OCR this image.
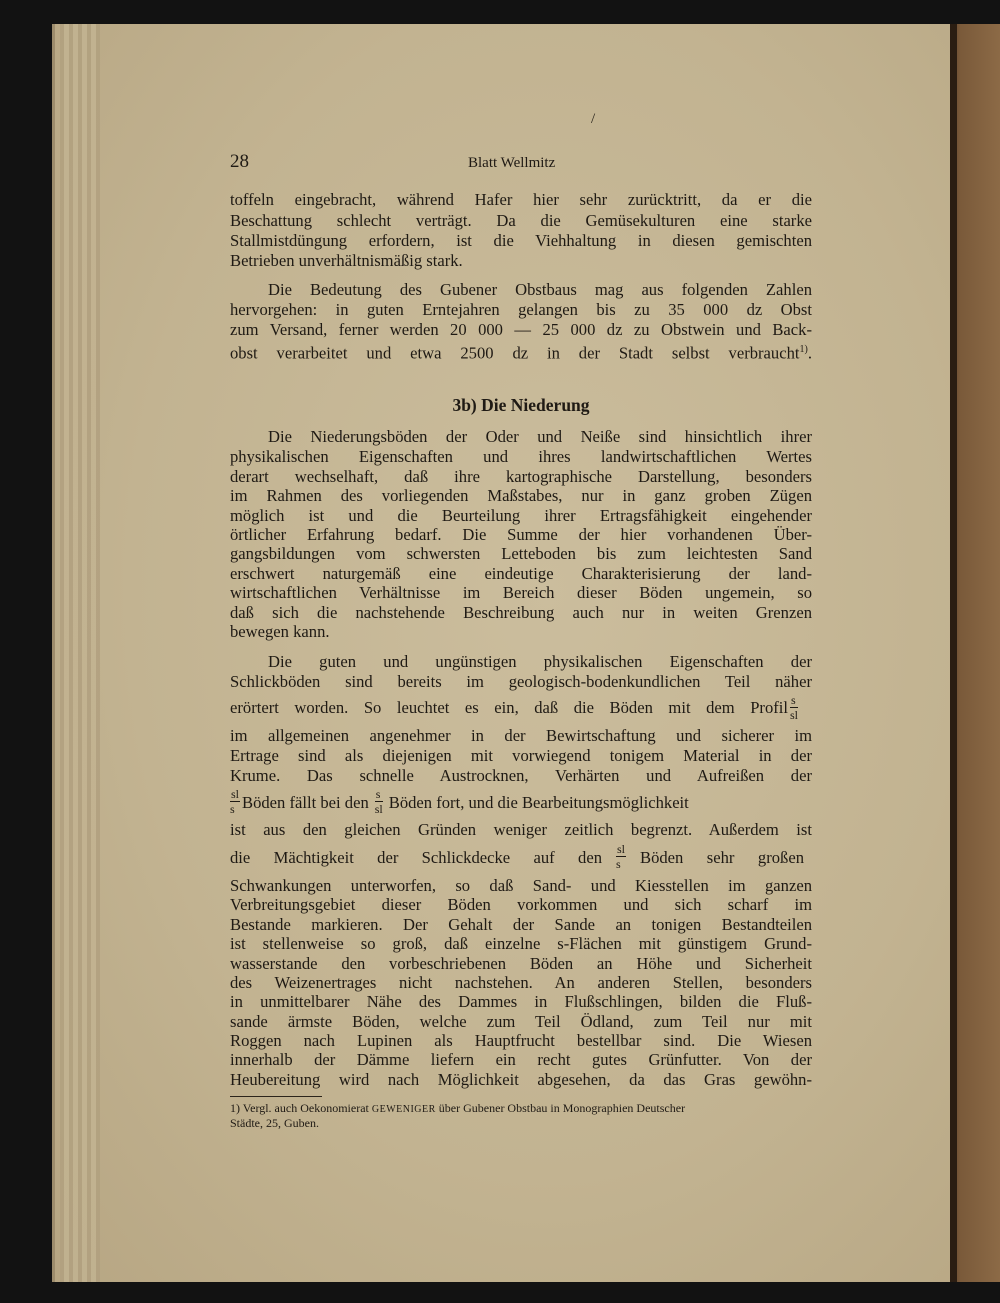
/
28	Blatt Wellmitz
toffeln eingebracht, während Hafer hier sehr zurücktritt, da er die
Beschattung schlecht verträgt. Da die Gemüsekulturen eine starke
Stallmistdüngung erfordern, ist die Viehhaltung in diesen gemischten
Betrieben unverhältnismäßig stark.
Die Bedeutung des Gubener Obstbaus mag aus folgenden Zahlen
hervorgehen: in guten Erntejahren gelangen bis zu 35 000 dz Obst
zum Versand, ferner werden 20 000 — 25 000 dz zu Obstwein und Back-
obst verarbeitet und etwa 2500 dz in der Stadt selbst verbraucht$^{1)}$.
3b) Die Niederung
Die Niederungsböden der Oder und Neiße sind hinsichtlich ihrer
physikalischen Eigenschaften und ihres landwirtschaftlichen Wertes
derart wechselhaft, daß ihre kartographische Darstellung, besonders
im Rahmen des vorliegenden Maßstabes, nur in ganz groben Zügen
möglich ist und die Beurteilung ihrer Ertragsfähigkeit eingehender
örtlicher Erfahrung bedarf. Die Summe der hier vorhandenen Über-
gangsbildungen vom schwersten Letteboden bis zum leichtesten Sand
erschwert naturgemäß eine eindeutige Charakterisierung der land-
wirtschaftlichen Verhältnisse im Bereich dieser Böden ungemein, so
daß sich die nachstehende Beschreibung auch nur in weiten Grenzen
bewegen kann.
Die guten und ungünstigen physikalischen Eigenschaften der
Schlickböden sind bereits im geologisch-bodenkundlichen Teil näher
erörtert worden. So leuchtet es ein, daß die Böden mit dem Profil $\frac{s}{sl}$
im allgemeinen angenehmer in der Bewirtschaftung und sicherer im
Ertrage sind als diejenigen mit vorwiegend tonigem Material in der
Krume. Das schnelle Austrocknen, Verhärten und Aufreißen der
$\frac{sl}{s}$ Böden fällt bei den $\frac{s}{sl}$ Böden fort, und die Bearbeitungsmöglichkeit
ist aus den gleichen Gründen weniger zeitlich begrenzt. Außerdem ist
die Mächtigkeit der Schlickdecke auf den $\frac{sl}{s}$ Böden sehr großen
Schwankungen unterworfen, so daß Sand- und Kiesstellen im ganzen
Verbreitungsgebiet dieser Böden vorkommen und sich scharf im
Bestande markieren. Der Gehalt der Sande an tonigen Bestandteilen
ist stellenweise so groß, daß einzelne s-Flächen mit günstigem Grund-
wasserstande den vorbeschriebenen Böden an Höhe und Sicherheit
des Weizenertrages nicht nachstehen. An anderen Stellen, besonders
in unmittelbarer Nähe des Dammes in Flußschlingen, bilden die Fluß-
sande ärmste Böden, welche zum Teil Ödland, zum Teil nur mit
Roggen nach Lupinen als Hauptfrucht bestellbar sind. Die Wiesen
innerhalb der Dämme liefern ein recht gutes Grünfutter. Von der
Heubereitung wird nach Möglichkeit abgesehen, da das Gras gewöhn-
1) Vergl. auch Oekonomierat GEWENIGER über Gubener Obstbau in Monographien Deutscher
Städte, 25, Guben.
